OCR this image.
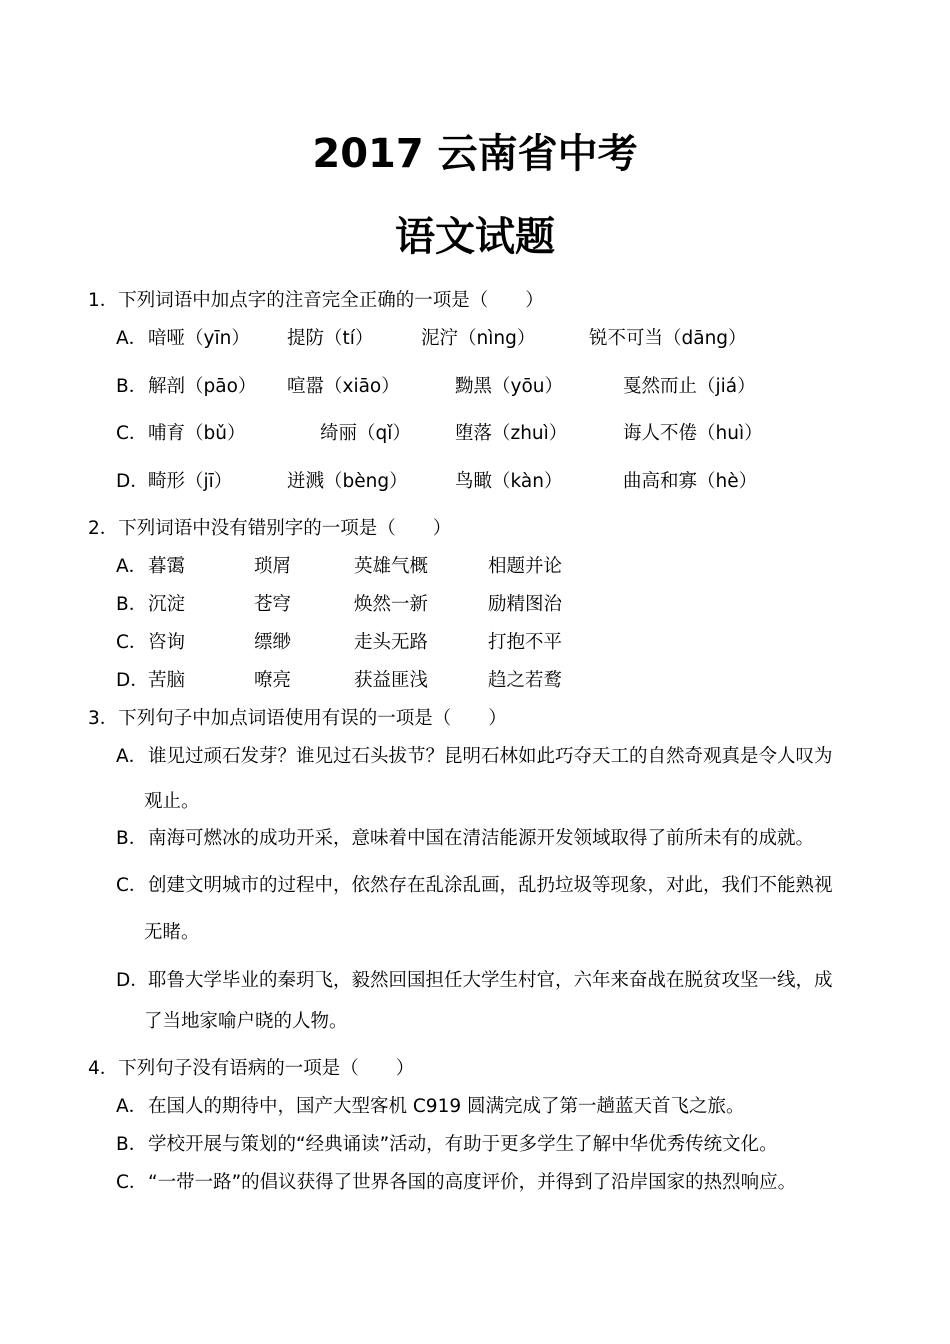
2017 云南省中考
语文试题
1．下列词语中加点字的注音完全正确的一项是（　　）
A． 喑哑（yīn） 提防（tí）	泥泞（nìng）	锐不可当（dāng）
B． 解剖（pāo） 喧嚣（xiāo）	黝黑（yōu）	戛然而止（jiá）
C． 哺育（bǔ）	绮丽（qǐ） 堕落（zhuì）	诲人不倦（huì）
D． 畸形（jī）	迸溅（bèng）	鸟瞰（kàn）	曲高和寡（hè）
2．下列词语中没有错别字的一项是（　　）
A． 暮霭	琐屑	英雄气概	相题并论
B． 沉淀	苍穹	焕然一新	励精图治
C． 咨询	缥缈	走头无路	打抱不平
D． 苦脑	嘹亮	获益匪浅	趋之若鹜
3．下列句子中加点词语使用有误的一项是（　　）
A． 谁见过顽石发芽？谁见过石头拔节？昆明石林如此巧夺天工的自然奇观真是令人叹为
观止。
B． 南海可燃冰的成功开采，意味着中国在清洁能源开发领域取得了前所未有的成就。
C． 创建文明城市的过程中，依然存在乱涂乱画，乱扔垃圾等现象，对此，我们不能熟视
无睹。
D． 耶鲁大学毕业的秦玥飞，毅然回国担任大学生村官，六年来奋战在脱贫攻坚一线，成
了当地家喻户晓的人物。
4．下列句子没有语病的一项是（　　）
A． 在国人的期待中，国产大型客机 C919 圆满完成了第一趟蓝天首飞之旅。
B． 学校开展与策划的“经典诵读”活动，有助于更多学生了解中华优秀传统文化。
C． “一带一路”的倡议获得了世界各国的高度评价，并得到了沿岸国家的热烈响应。
